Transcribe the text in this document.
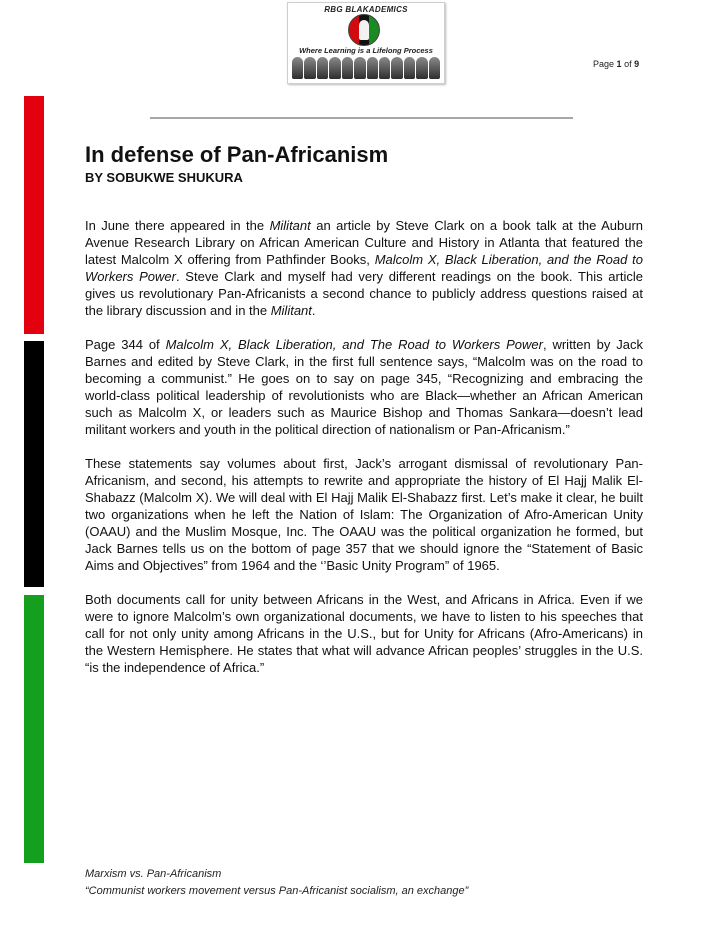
RBG BLAKADEMICS
Where Learning is a Lifelong Process
Page 1 of 9
In defense of Pan-Africanism
BY SOBUKWE SHUKURA

In June there appeared in the Militant an article by Steve Clark on a book talk at the Auburn Avenue Research Library on African American Culture and History in Atlanta that featured the latest Malcolm X offering from Pathfinder Books, Malcolm X, Black Liberation, and the Road to Workers Power. Steve Clark and myself had very different readings on the book. This article gives us revolutionary Pan-Africanists a second chance to publicly address questions raised at the library discussion and in the Militant.

Page 344 of Malcolm X, Black Liberation, and The Road to Workers Power, written by Jack Barnes and edited by Steve Clark, in the first full sentence says, “Malcolm was on the road to becoming a communist.” He goes on to say on page 345, “Recognizing and embracing the world-class political leadership of revolutionists who are Black—whether an African American such as Malcolm X, or leaders such as Maurice Bishop and Thomas Sankara—doesn’t lead militant workers and youth in the political direction of nationalism or Pan-Africanism.”

These statements say volumes about first, Jack’s arrogant dismissal of revolutionary Pan-Africanism, and second, his attempts to rewrite and appropriate the history of El Hajj Malik El-Shabazz (Malcolm X). We will deal with El Hajj Malik El-Shabazz first. Let’s make it clear, he built two organizations when he left the Nation of Islam: The Organization of Afro-American Unity (OAAU) and the Muslim Mosque, Inc. The OAAU was the political organization he formed, but Jack Barnes tells us on the bottom of page 357 that we should ignore the “Statement of Basic Aims and Objectives” from 1964 and the ‘’Basic Unity Program” of 1965.

Both documents call for unity between Africans in the West, and Africans in Africa. Even if we were to ignore Malcolm’s own organizational documents, we have to listen to his speeches that call for not only unity among Africans in the U.S., but for Unity for Africans (Afro-Americans) in the Western Hemisphere. He states that what will advance African peoples’ struggles in the U.S. “is the independence of Africa.”

Marxism vs. Pan-Africanism
“Communist workers movement versus Pan-Africanist socialism, an exchange”
